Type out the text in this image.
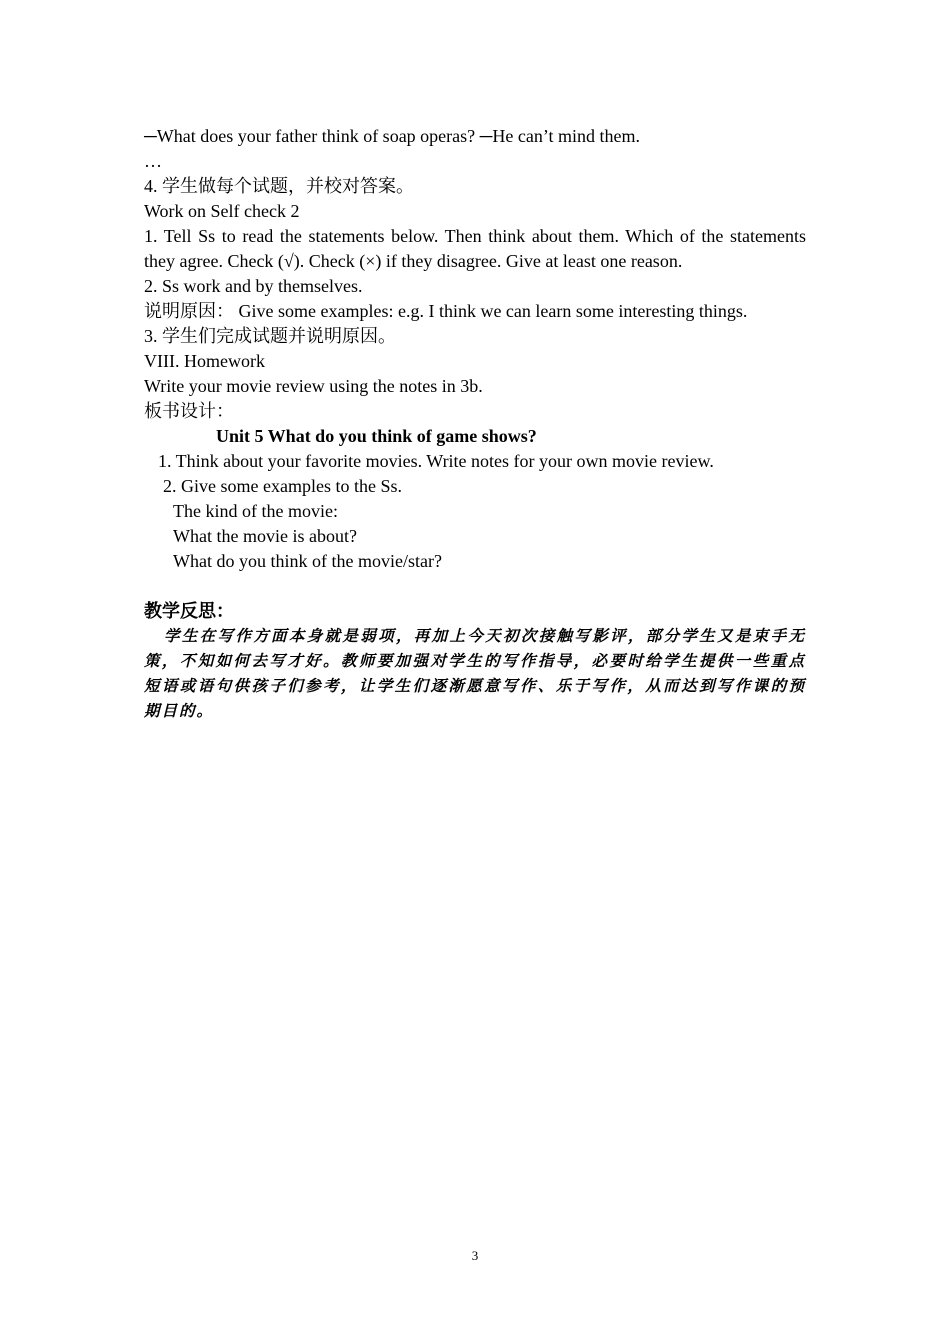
─What does your father think of soap operas? ─He can’t mind them.
…
4. 学生做每个试题，并校对答案。
Work on Self check 2
1. Tell Ss to read the statements below. Then think about them. Which of the statements they agree. Check (√). Check (×) if they disagree. Give at least one reason.
2. Ss work and by themselves.
说明原因： Give some examples: e.g. I think we can learn some interesting things.
3. 学生们完成试题并说明原因。
VIII. Homework
Write your movie review using the notes in 3b.
板书设计：
Unit 5 What do you think of game shows?
1. Think about your favorite movies. Write notes for your own movie review.
2. Give some examples to the Ss.
The kind of the movie:
What the movie is about?
What do you think of the movie/star?
教学反思：
学生在写作方面本身就是弱项，再加上今天初次接触写影评，部分学生又是束手无策，不知如何去写才好。教师要加强对学生的写作指导，必要时给学生提供一些重点短语或语句供孩子们参考，让学生们逐渐愿意写作、乐于写作，从而达到写作课的预期目的。
3
